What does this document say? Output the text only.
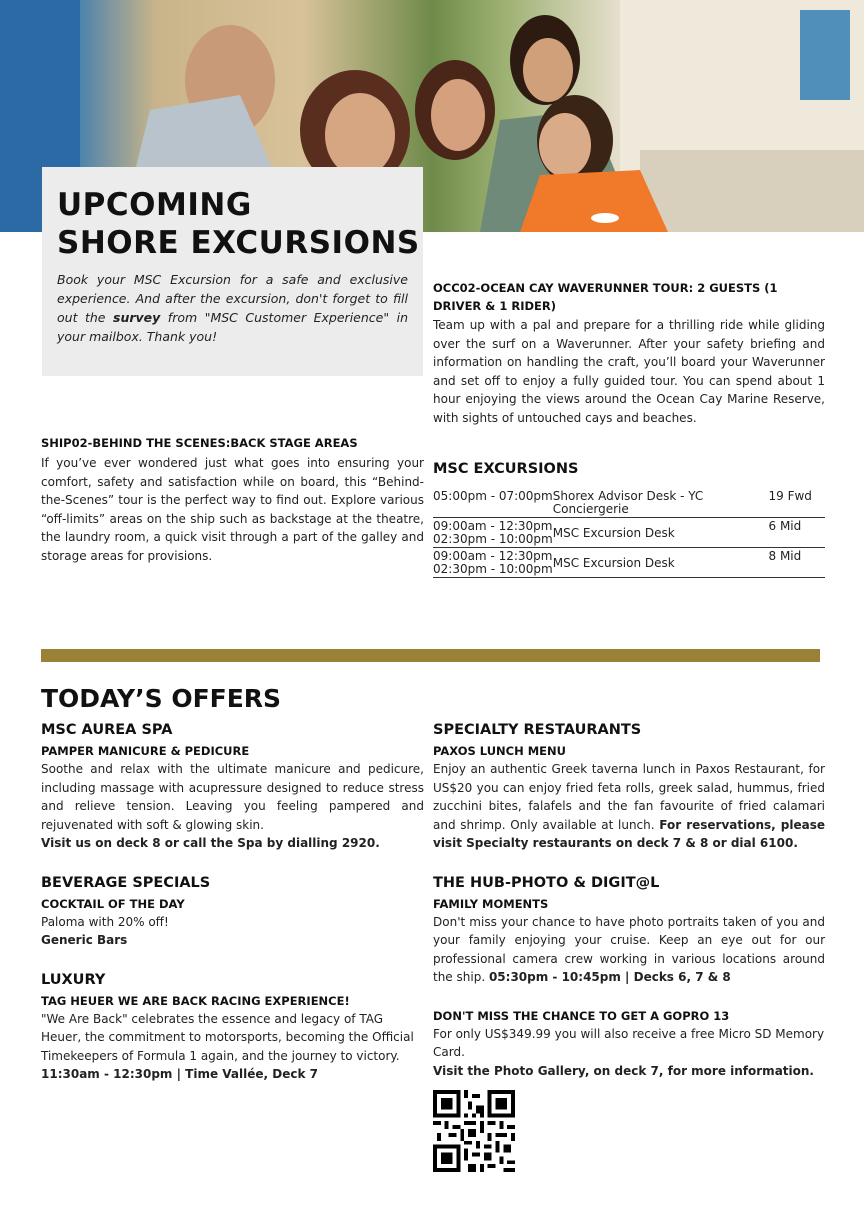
UPCOMING
SHORE EXCURSIONS

Book your MSC Excursion for a safe and exclusive experience. And after the excursion, don't forget to fill out the survey from "MSC Customer Experience" in your mailbox. Thank you!

OCC02-OCEAN CAY WAVERUNNER TOUR: 2 GUESTS (1 DRIVER & 1 RIDER)

Team up with a pal and prepare for a thrilling ride while gliding over the surf on a Waverunner. After your safety briefing and information on handling the craft, you’ll board your Waverunner and set off to enjoy a fully guided tour. You can spend about 1 hour enjoying the views around the Ocean Cay Marine Reserve, with sights of untouched cays and beaches.

SHIP02-BEHIND THE SCENES:BACK STAGE AREAS

If you’ve ever wondered just what goes into ensuring your comfort, safety and satisfaction while on board, this “Behind-the-Scenes” tour is the perfect way to find out. Explore various “off-limits” areas on the ship such as backstage at the theatre, the laundry room, a quick visit through a part of the galley and storage areas for provisions.

MSC EXCURSIONS
05:00pm - 07:00pm	Shorex Advisor Desk - YC Conciergerie	19 Fwd

09:00am - 12:30pm
02:30pm - 10:00pm	MSC Excursion Desk	6 Mid

09:00am - 12:30pm
02:30pm - 10:00pm	MSC Excursion Desk	8 Mid
TODAY’S OFFERS
MSC AUREA SPA
PAMPER MANICURE & PEDICURE

Soothe and relax with the ultimate manicure and pedicure, including massage with acupressure designed to reduce stress and relieve tension. Leaving you feeling pampered and rejuvenated with soft & glowing skin.

Visit us on deck 8 or call the Spa by dialling 2920.

BEVERAGE SPECIALS
COCKTAIL OF THE DAY

Paloma with 20% off!

Generic Bars

LUXURY
TAG HEUER WE ARE BACK RACING EXPERIENCE!

"We Are Back" celebrates the essence and legacy of TAG Heuer, the commitment to motorsports, becoming the Official Timekeepers of Formula 1 again, and the journey to victory.

11:30am - 12:30pm | Time Vallée, Deck 7

SPECIALTY RESTAURANTS
PAXOS LUNCH MENU

Enjoy an authentic Greek taverna lunch in Paxos Restaurant, for US$20 you can enjoy fried feta rolls, greek salad, hummus, fried zucchini bites, falafels and the fan favourite of fried calamari and shrimp. Only available at lunch. For reservations, please visit Specialty restaurants on deck 7 & 8 or dial 6100.

THE HUB-PHOTO & DIGIT@L
FAMILY MOMENTS

Don't miss your chance to have photo portraits taken of you and your family enjoying your cruise. Keep an eye out for our professional camera crew working in various locations around the ship. 05:30pm - 10:45pm | Decks 6, 7 & 8

DON'T MISS THE CHANCE TO GET A GOPRO 13

For only US$349.99 you will also receive a free Micro SD Memory Card.

Visit the Photo Gallery, on deck 7, for more information.
